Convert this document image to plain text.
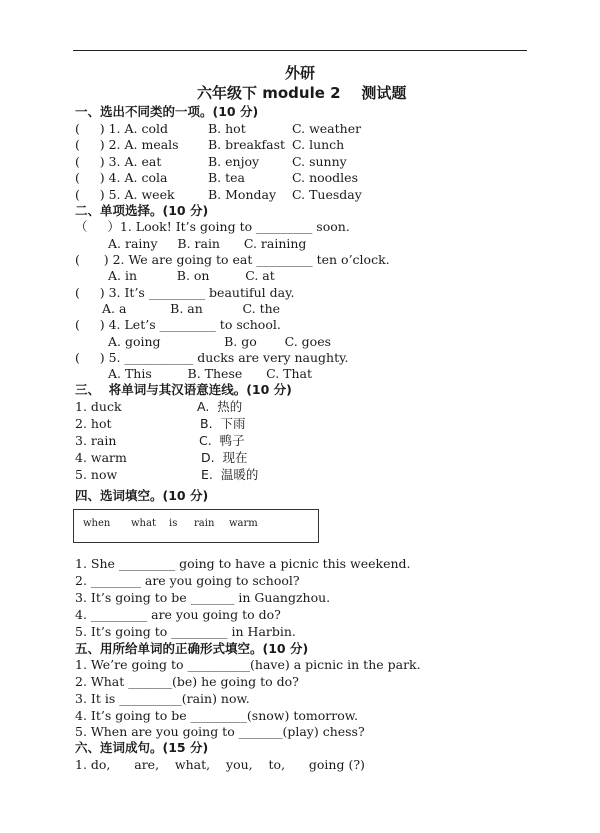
外研
六年级下 module 2    测试题
一、选出不同类的一项。(10 分)
(     ) 1. A. cold	B. hot	C. weather
(     ) 2. A. meals B. breakfast C. lunch
(     ) 3. A. eat	B. enjoy	C. sunny
(     ) 4. A. cola	B. tea	C. noodles
(     ) 5. A. week	B. Monday C. Tuesday
二、单项选择。(10 分)
（     ）1. Look! It’s going to _________ soon.
A. rainy     B. rain      C. raining
(      ) 2. We are going to eat _________ ten o’clock.
A. in          B. on         C. at
(     ) 3. It’s _________ beautiful day.
A. a           B. an          C. the
(     ) 4. Let’s _________ to school.
A. going                B. go       C. goes
(     ) 5. ___________ ducks are very naughty.
A. This         B. These      C. That
三、  将单词与其汉语意连线。(10 分)
1. duck	A.  热的
2. hot	B.  下雨
3. rain	C.  鸭子
4. warm	D.  现在
5. now	E.  温暖的
四、选词填空。(10 分)
when what is rain warm
1. She _________ going to have a picnic this weekend.
2. ________ are you going to school?
3. It’s going to be _______ in Guangzhou.
4. _________ are you going to do?
5. It’s going to _________ in Harbin.
五、用所给单词的正确形式填空。(10 分)
1. We’re going to __________(have) a picnic in the park.
2. What _______(be) he going to do?
3. It is __________(rain) now.
4. It’s going to be _________(snow) tomorrow.
5. When are you going to _______(play) chess?
六、连词成句。(15 分)
1. do,      are,    what,    you,    to,      going (?)
